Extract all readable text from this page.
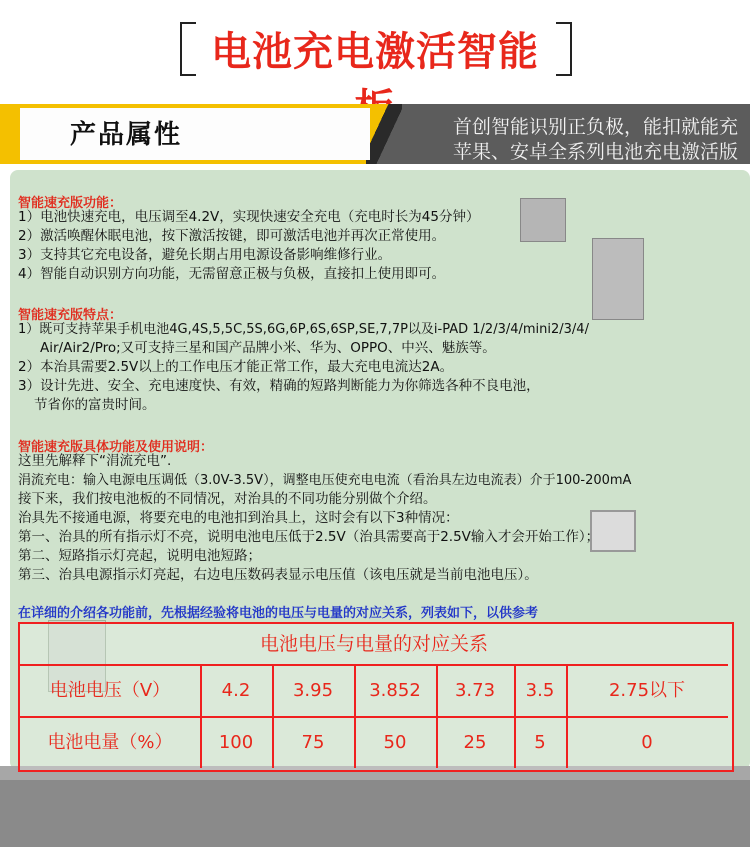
电池充电激活智能
产品属性	首创智能识别正负极，能扣就能充
苹果、安卓全系列电池充电激活版
智能速充版功能：
1）电池快速充电，电压调至4.2V，实现快速安全充电（充电时长为45分钟）
2）激活唤醒休眠电池，按下激活按键，即可激活电池并再次正常使用。
3）支持其它充电设备，避免长期占用电源设备影响维修行业。
4）智能自动识别方向功能，无需留意正极与负极，直接扣上使用即可。
智能速充版特点：
1）既可支持苹果手机电池4G,4S,5,5C,5S,6G,6P,6S,6SP,SE,7,7P以及i-PAD 1/2/3/4/mini2/3/4/
Air/Air2/Pro;又可支持三星和国产品牌小米、华为、OPPO、中兴、魅族等。
2）本治具需要2.5V以上的工作电压才能正常工作，最大充电电流达2A。
3）设计先进、安全、充电速度快、有效，精确的短路判断能力为你筛选各种不良电池，
节省你的富贵时间。
智能速充版具体功能及使用说明：
这里先解释下“涓流充电”.
涓流充电：输入电源电压调低（3.0V-3.5V），调整电压使充电电流（看治具左边电流表）介于100-200mA
接下来，我们按电池板的不同情况，对治具的不同功能分别做个介绍。
治具先不接通电源，将要充电的电池扣到治具上，这时会有以下3种情况：
第一、治具的所有指示灯不亮，说明电池电压低于2.5V（治具需要高于2.5V输入才会开始工作）；
第二、短路指示灯亮起，说明电池短路；
第三、治具电源指示灯亮起，右边电压数码表显示电压值（该电压就是当前电池电压）。
在详细的介绍各功能前，先根据经验将电池的电压与电量的对应关系，列表如下，以供参考
电池电压与电量的对应关系
电池电压（V）	4.2	3.95	3.852	3.73	3.5	2.75以下
电池电量（%）	100	75	50	25	5	0
